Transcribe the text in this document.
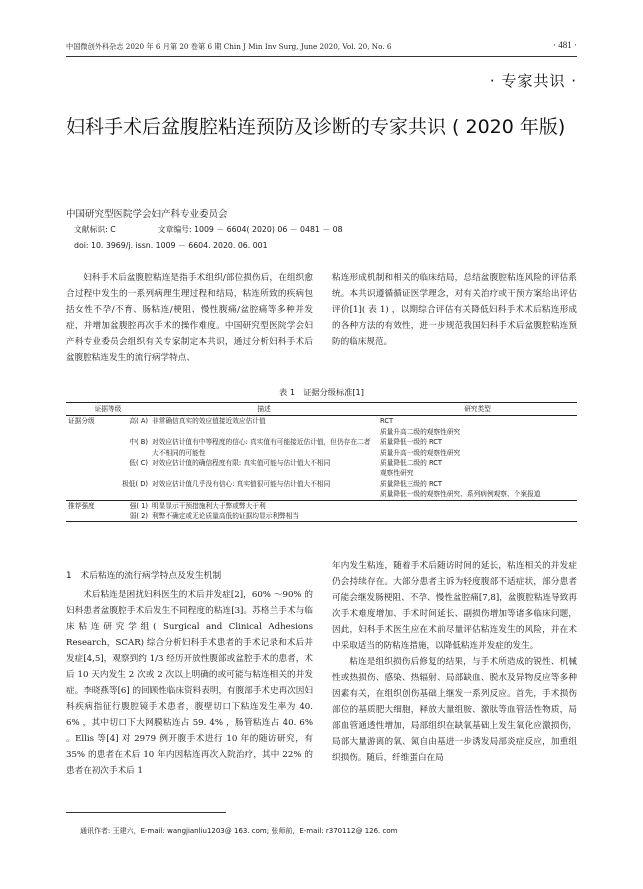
中国微创外科杂志 2020 年 6 月第 20 卷第 6 期 Chin J Min Inv Surg, June 2020, Vol. 20, No. 6	· 481 ·
· 专家共识 ·
妇科手术后盆腹腔粘连预防及诊断的专家共识 ( 2020 年版)
中国研究型医院学会妇产科专业委员会
文献标识: C	文章编号: 1009 － 6604( 2020) 06 － 0481 － 08
doi: 10. 3969/j. issn. 1009 － 6604. 2020. 06. 001

妇科手术后盆腹腔粘连是指手术组织/部位损伤后，在组织愈合过程中发生的一系列病理生理过程和结局，粘连所致的疾病包括女性不孕/不育、肠粘连/梗阻、慢性腹痛/盆腔痛等多种并发症，并增加盆腹腔再次手术的操作难度。中国研究型医院学会妇产科专业委员会组织有关专家制定本共识，通过分析妇科手术后盆腹腔粘连发生的流行病学特点、

粘连形成机制和相关的临床结局，总结盆腹腔粘连风险的评估系统。本共识遵循循证医学理念，对有关治疗或干预方案给出评估评价[1]( 表 1) ，以期综合评估有关降低妇科手术术后粘连形成的各种方法的有效性，进一步规范我国妇科手术后盆腹腔粘连预防的临床规范。

表 1　证据分级标准[1]
证据等级		描述	研究类型
证据分级	高( A)	非常确信真实的效应值接近效应估计值	RCT
质量升高二级的观察性研究

	中( B)	对效应估计值有中等程度的信心: 真实值有可能接近估计值，但仍存在二者大不相同的可能性	质量降低一级的 RCT
质量升高一级的观察性研究

	低( C)	对效应估计值的确信程度有限: 真实值可能与估计值大不相同	质量降低二级的 RCT
观察性研究

	极低( D)	对效应估计值几乎没有信心: 真实值很可能与估计值大不相同	质量降低三级的 RCT
质量降低一级的观察性研究、系列病例观察、个案报道

推荐强度	强( 1)	明显显示干预措施利大于弊或弊大于利	
	弱( 2)	利弊不确定或无论质量高低的证据均显示利弊相当	
1　术后粘连的流行病学特点及发生机制

术后粘连是困扰妇科医生的术后并发症[2]，60% ～90% 的妇科患者盆腹腔手术后发生不同程度的粘连[3]。苏格兰手术与临床粘连研究学组( Surgical and Clinical Adhesions Research，SCAR) 综合分析妇科手术患者的手术记录和术后并发症[4,5]，观察到约 1/3 经历开放性腹部或盆腔手术的患者，术后 10 天内发生 2 次或 2 次以上明确的或可能与粘连相关的并发症。李晓燕等[6] 的回顾性临床资料表明，有腹部手术史再次因妇科疾病指征行腹腔镜手术患者，腹壁切口下粘连发生率为 40. 6% ，其中切口下大网膜粘连占 59. 4% ，肠管粘连占 40. 6% 。Ellis 等[4] 对 2979 例开腹手术进行 10 年的随访研究，有 35% 的患者在术后 10 年内因粘连再次入院治疗，其中 22% 的患者在初次手术后 1

年内发生粘连，随着手术后随访时间的延长，粘连相关的并发症仍会持续存在。大部分患者主诉为轻度腹部不适症状，部分患者可能会继发肠梗阻、不孕、慢性盆腔痛[7,8]，盆腹腔粘连导致再次手术难度增加、手术时间延长、副损伤增加等诸多临床问题，因此，妇科手术医生应在术前尽量评估粘连发生的风险，并在术中采取适当的防粘连措施，以降低粘连并发症的发生。

粘连是组织损伤后修复的结果，与手术所造成的锐性、机械性或热损伤、感染、热辐射、局部缺血、脱水及异物反应等多种因素有关，在组织创伤基础上继发一系列反应。首先，手术损伤部位的基质肥大细胞，释放大量组胺、激肽等血管活性物质，局部血管通透性增加，局部组织在缺氧基础上发生氧化应激损伤，局部大量游离的氧、氮自由基进一步诱发局部炎症反应，加重组织损伤。随后，纤维蛋白在局

通讯作者: 王建六，E-mail: wangjianliu1203@ 163. com; 张师前，E-mail: r370112@ 126. com
